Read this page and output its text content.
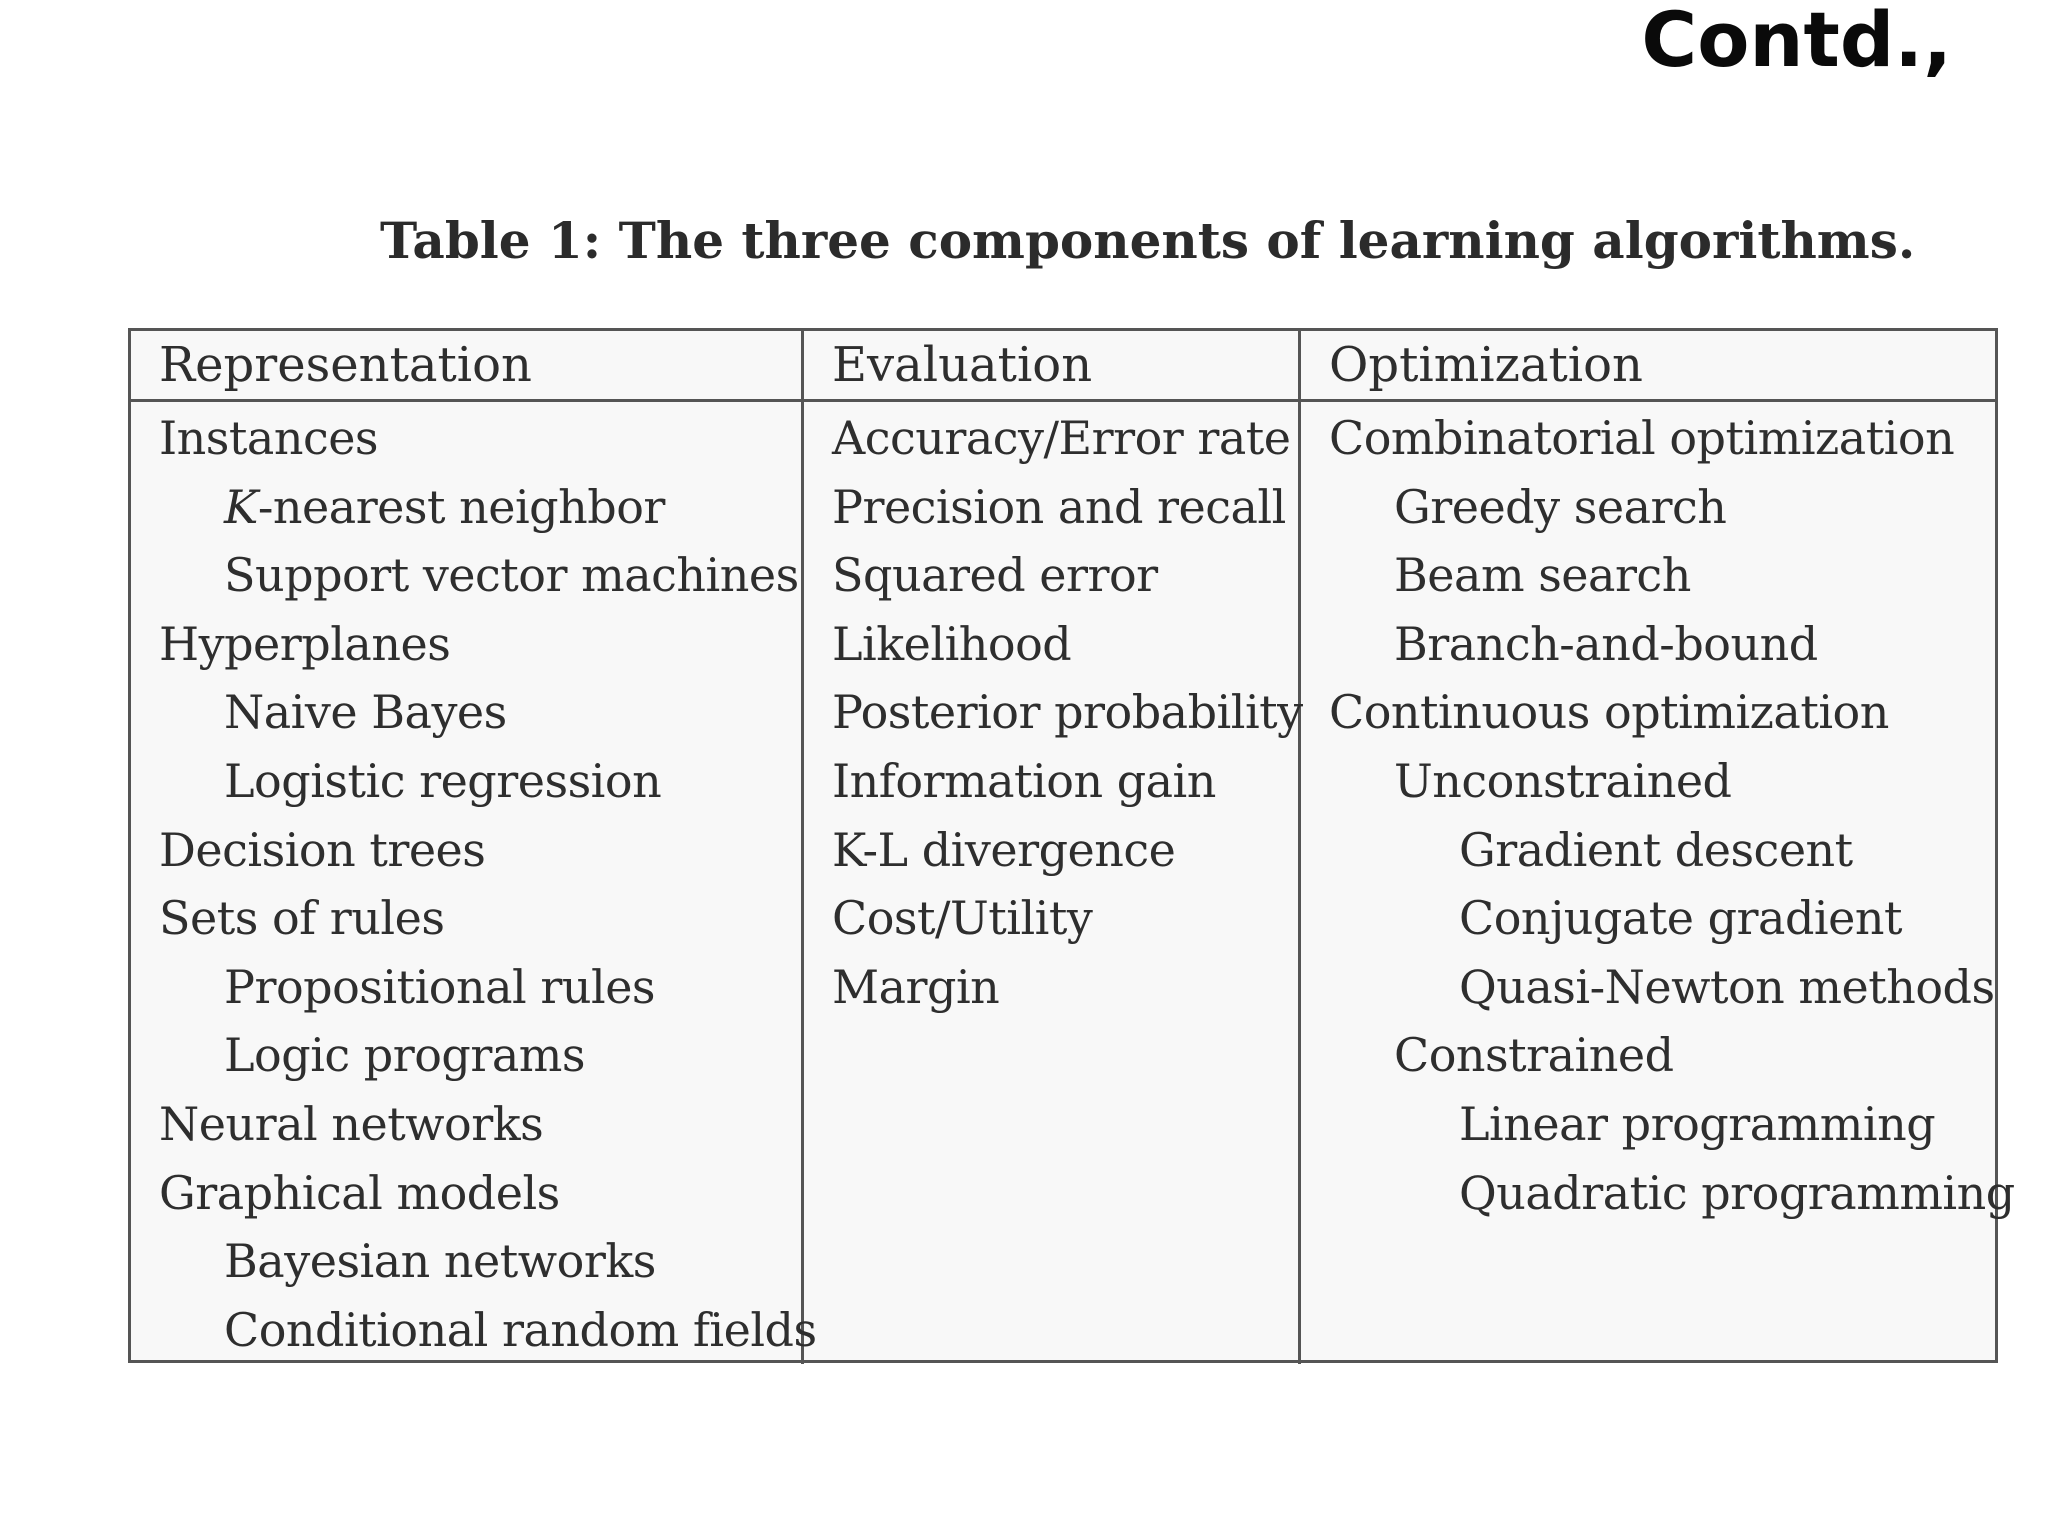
Contd.,
Table 1: The three components of learning algorithms.
Representation	Evaluation	Optimization
Instances
K-nearest neighbor
Support vector machines
Hyperplanes
Naive Bayes
Logistic regression
Decision trees
Sets of rules
Propositional rules
Logic programs
Neural networks
Graphical models
Bayesian networks
Conditional random fields
Accuracy/Error rate
Precision and recall
Squared error
Likelihood
Posterior probability
Information gain
K-L divergence
Cost/Utility
Margin
Combinatorial optimization
Greedy search
Beam search
Branch-and-bound
Continuous optimization
Unconstrained
Gradient descent
Conjugate gradient
Quasi-Newton methods
Constrained
Linear programming
Quadratic programming
